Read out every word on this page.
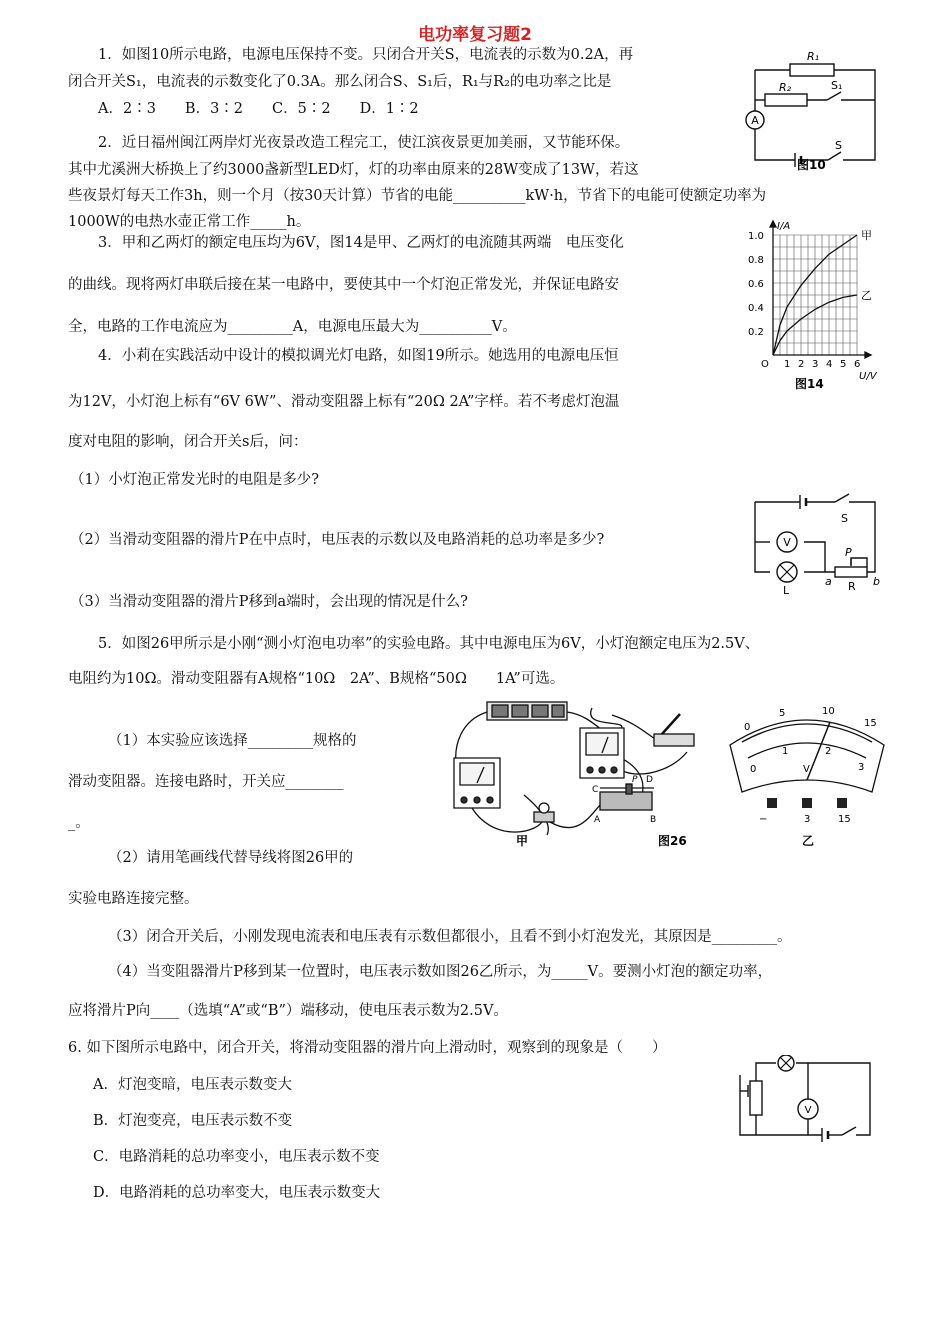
电功率复习题2
1．如图10所示电路，电源电压保持不变。只闭合开关S，电流表的示数为0.2A，再
闭合开关S₁，电流表的示数变化了0.3A。那么闭合S、S₁后，R₁与R₂的电功率之比是
A．2∶3　　B．3∶2　　C．5∶2　　D．1∶2
A
R₁
R₂	S₁
S
图10
2．近日福州闽江两岸灯光夜景改造工程完工，使江滨夜景更加美丽，又节能环保。
其中尤溪洲大桥换上了约3000盏新型LED灯，灯的功率由原来的28W变成了13W，若这
些夜景灯每天工作3h，则一个月（按30天计算）节省的电能__________kW·h，节省下的电能可使额定功率为
1000W的电热水壶正常工作_____h。
3．甲和乙两灯的额定电压均为6V，图14是甲、乙两灯的电流随其两端　电压变化
的曲线。现将两灯串联后接在某一电路中，要使其中一个灯泡正常发光，并保证电路安
全，电路的工作电流应为_________A，电源电压最大为__________V。
1 2 3 4 5 6
0.2
0.4
0.6
0.8
1.0
O
I/A
U/V
甲
乙
图14
4．小莉在实践活动中设计的模拟调光灯电路，如图19所示。她选用的电源电压恒
为12V，小灯泡上标有“6V 6W”、滑动变阻器上标有“20Ω 2A”字样。若不考虑灯泡温
度对电阻的影响，闭合开关s后，问：
（1）小灯泡正常发光时的电阻是多少?
（2）当滑动变阻器的滑片P在中点时，电压表的示数以及电路消耗的总功率是多少?
（3）当滑动变阻器的滑片P移到a端时，会出现的情况是什么?
V
S
L
P
a	b
R
5．如图26甲所示是小刚“测小灯泡电功率”的实验电路。其中电源电压为6V，小灯泡额定电压为2.5V、
电阻约为10Ω。滑动变阻器有A规格“10Ω　2A”、B规格“50Ω　　1A”可选。
（1）本实验应该选择_________规格的
滑动变阻器。连接电路时，开关应________
_。
（2）请用笔画线代替导线将图26甲的
实验电路连接完整。
（3）闭合开关后，小刚发现电流表和电压表有示数但都很小，且看不到小灯泡发光，其原因是_________。
（4）当变阻器滑片P移到某一位置时，电压表示数如图26乙所示，为_____V。要测小灯泡的额定功率，
应将滑片P向____（选填“A”或“B”）端移动，使电压表示数为2.5V。
C
D
P
A	B
0
5	10
15
0
1	2
3
V
−	3	15
甲	图26	乙
6. 如下图所示电路中，闭合开关，将滑动变阻器的滑片向上滑动时，观察到的现象是（　　）
A．灯泡变暗，电压表示数变大
B．灯泡变亮，电压表示数不变
C．电路消耗的总功率变小，电压表示数不变
D．电路消耗的总功率变大，电压表示数变大
V
